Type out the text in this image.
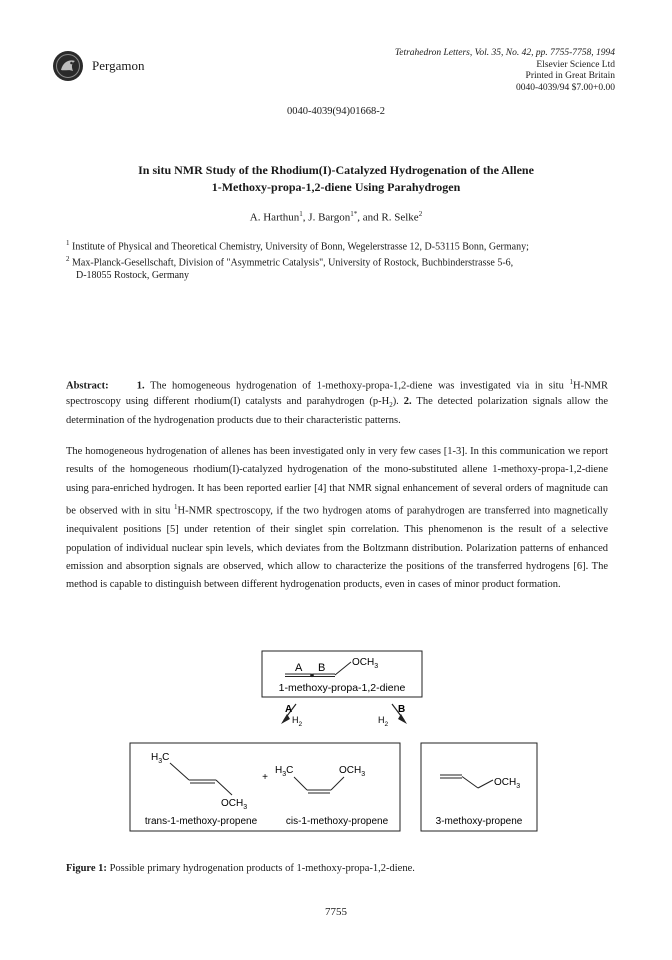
Pergamon
Tetrahedron Letters, Vol. 35, No. 42, pp. 7755-7758, 1994
Elsevier Science Ltd
Printed in Great Britain
0040-4039/94 $7.00+0.00
0040-4039(94)01668-2
In situ NMR Study of the Rhodium(I)-Catalyzed Hydrogenation of the Allene
1-Methoxy-propa-1,2-diene Using Parahydrogen
A. Harthun$^1$, J. Bargon$^{1*}$, and R. Selke$^2$
$^1$ Institute of Physical and Theoretical Chemistry, University of Bonn, Wegelerstrasse 12, D-53115 Bonn, Germany;
$^2$ Max-Planck-Gesellschaft, Division of "Asymmetric Catalysis", University of Rostock, Buchbinderstrasse 5-6,
D-18055 Rostock, Germany
Abstract:	1. The homogeneous hydrogenation of 1-methoxy-propa-1,2-diene was investigated via in situ $^1$H-NMR spectroscopy using different rhodium(I) catalysts and parahydrogen $(p-H_2)$. 2. The detected polarization signals allow the determination of the hydrogenation products due to their characteristic patterns.
The homogeneous hydrogenation of allenes has been investigated only in very few cases [1-3]. In this communication we report results of the homogeneous rhodium(I)-catalyzed hydrogenation of the mono-substituted allene 1-methoxy-propa-1,2-diene using para-enriched hydrogen. It has been reported earlier [4] that NMR signal enhancement of several orders of magnitude can be observed with in situ $^1$H-NMR spectroscopy, if the two hydrogen atoms of parahydrogen are transferred into magnetically inequivalent positions [5] under retention of their singlet spin correlation. This phenomenon is the result of a selective population of individual nuclear spin levels, which deviates from the Boltzmann distribution. Polarization patterns of enhanced emission and absorption signals are observed, which allow to characterize the positions of the transferred hydrogens [6]. The method is capable to distinguish between different hydrogenation products, even in cases of minor product formation.
A B	$OCH_3$
1-methoxy-propa-1,2-diene
A
$H_2$
B
$H_2$
$H_3C$
$OCH_3$
+
$H_3C$	$OCH_3$
trans-1-methoxy-propene	cis-1-methoxy-propene
$OCH_3$
3-methoxy-propene
Figure 1: Possible primary hydrogenation products of 1-methoxy-propa-1,2-diene.
7755
